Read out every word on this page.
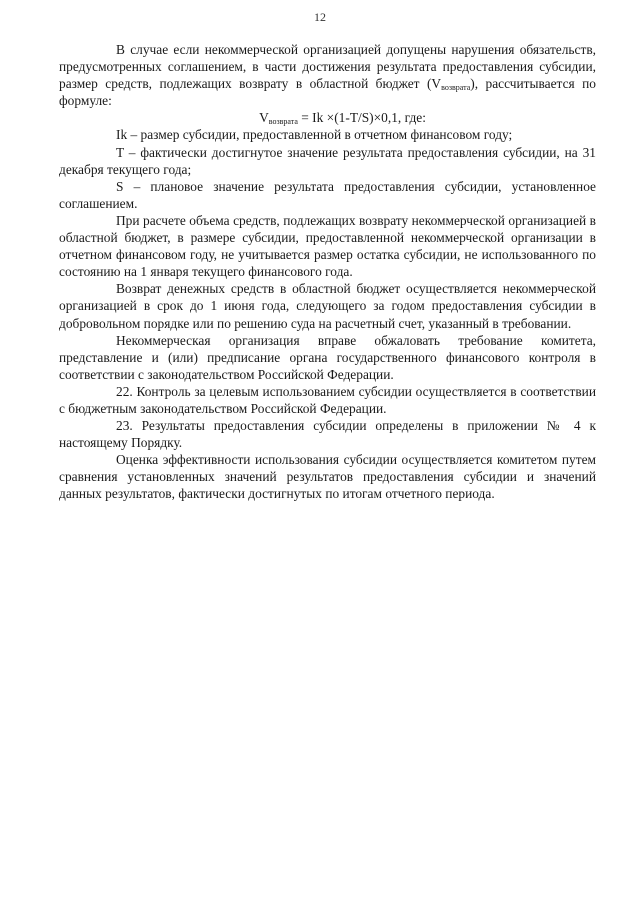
12

В случае если некоммерческой организацией допущены нарушения обязательств, предусмотренных соглашением, в части достижения результата предоставления субсидии, размер средств, подлежащих возврату в областной бюджет $(V_{возврата})$, рассчитывается по формуле:

$V_{возврата} = Ik \times(1-T/S)\times 0,1$, где:

Ik – размер субсидии, предоставленной в отчетном финансовом году;

T – фактически достигнутое значение результата предоставления субсидии, на 31 декабря текущего года;

S – плановое значение результата предоставления субсидии, установленное соглашением.

При расчете объема средств, подлежащих возврату некоммерческой организацией в областной бюджет, в размере субсидии, предоставленной некоммерческой организации в отчетном финансовом году, не учитывается размер остатка субсидии, не использованного по состоянию на 1 января текущего финансового года.

Возврат денежных средств в областной бюджет осуществляется некоммерческой организацией в срок до 1 июня года, следующего за годом предоставления субсидии в добровольном порядке или по решению суда на расчетный счет, указанный в требовании.

Некоммерческая организация вправе обжаловать требование комитета, представление и (или) предписание органа государственного финансового контроля в соответствии с законодательством Российской Федерации.

22. Контроль за целевым использованием субсидии осуществляется в соответствии с бюджетным законодательством Российской Федерации.

23. Результаты предоставления субсидии определены в приложении № 4 к настоящему Порядку.

Оценка эффективности использования субсидии осуществляется комитетом путем сравнения установленных значений результатов предоставления субсидии и значений данных результатов, фактически достигнутых по итогам отчетного периода.
